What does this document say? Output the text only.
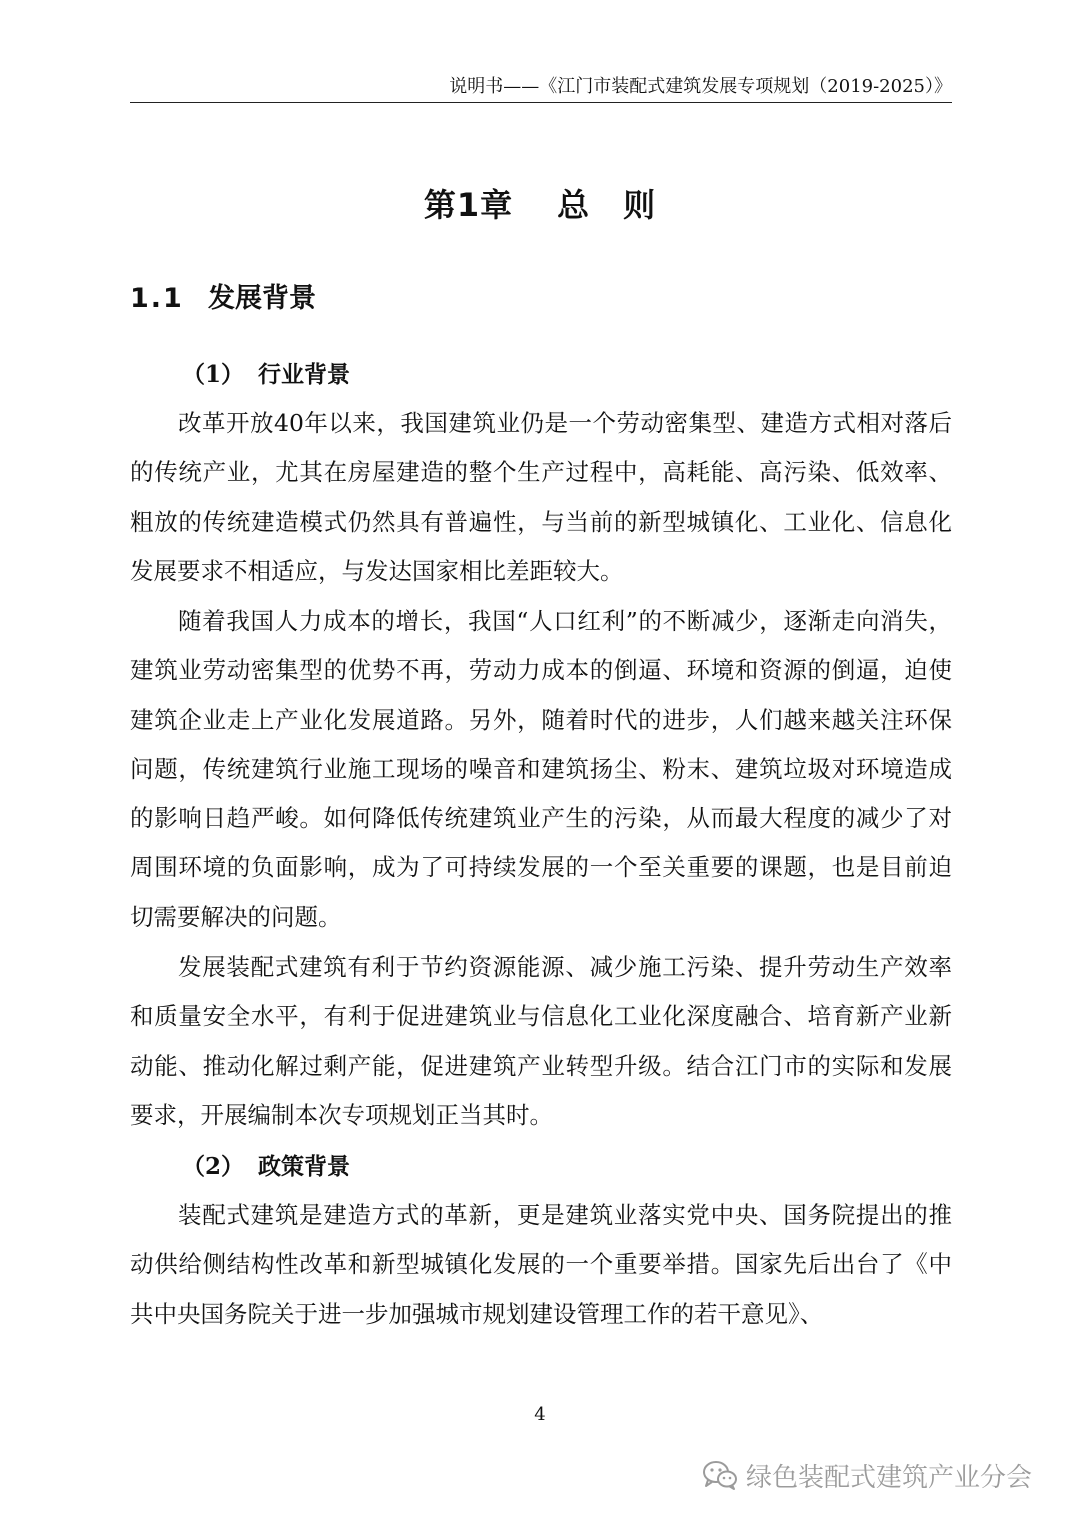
说明书——《江门市装配式建筑发展专项规划（2019-2025）》
第1章 总　则
1.1 发展背景
（1） 行业背景

改革开放40年以来，我国建筑业仍是一个劳动密集型、建造方式相对落后的传统产业，尤其在房屋建造的整个生产过程中，高耗能、高污染、低效率、粗放的传统建造模式仍然具有普遍性，与当前的新型城镇化、工业化、信息化发展要求不相适应，与发达国家相比差距较大。

随着我国人力成本的增长，我国“人口红利”的不断减少，逐渐走向消失，建筑业劳动密集型的优势不再，劳动力成本的倒逼、环境和资源的倒逼，迫使建筑企业走上产业化发展道路。另外，随着时代的进步，人们越来越关注环保问题，传统建筑行业施工现场的噪音和建筑扬尘、粉末、建筑垃圾对环境造成的影响日趋严峻。如何降低传统建筑业产生的污染，从而最大程度的减少了对周围环境的负面影响，成为了可持续发展的一个至关重要的课题，也是目前迫切需要解决的问题。

发展装配式建筑有利于节约资源能源、减少施工污染、提升劳动生产效率和质量安全水平，有利于促进建筑业与信息化工业化深度融合、培育新产业新动能、推动化解过剩产能，促进建筑产业转型升级。结合江门市的实际和发展要求，开展编制本次专项规划正当其时。

（2） 政策背景

装配式建筑是建造方式的革新，更是建筑业落实党中央、国务院提出的推动供给侧结构性改革和新型城镇化发展的一个重要举措。国家先后出台了《中共中央国务院关于进一步加强城市规划建设管理工作的若干意见》、

4
绿色装配式建筑产业分会
